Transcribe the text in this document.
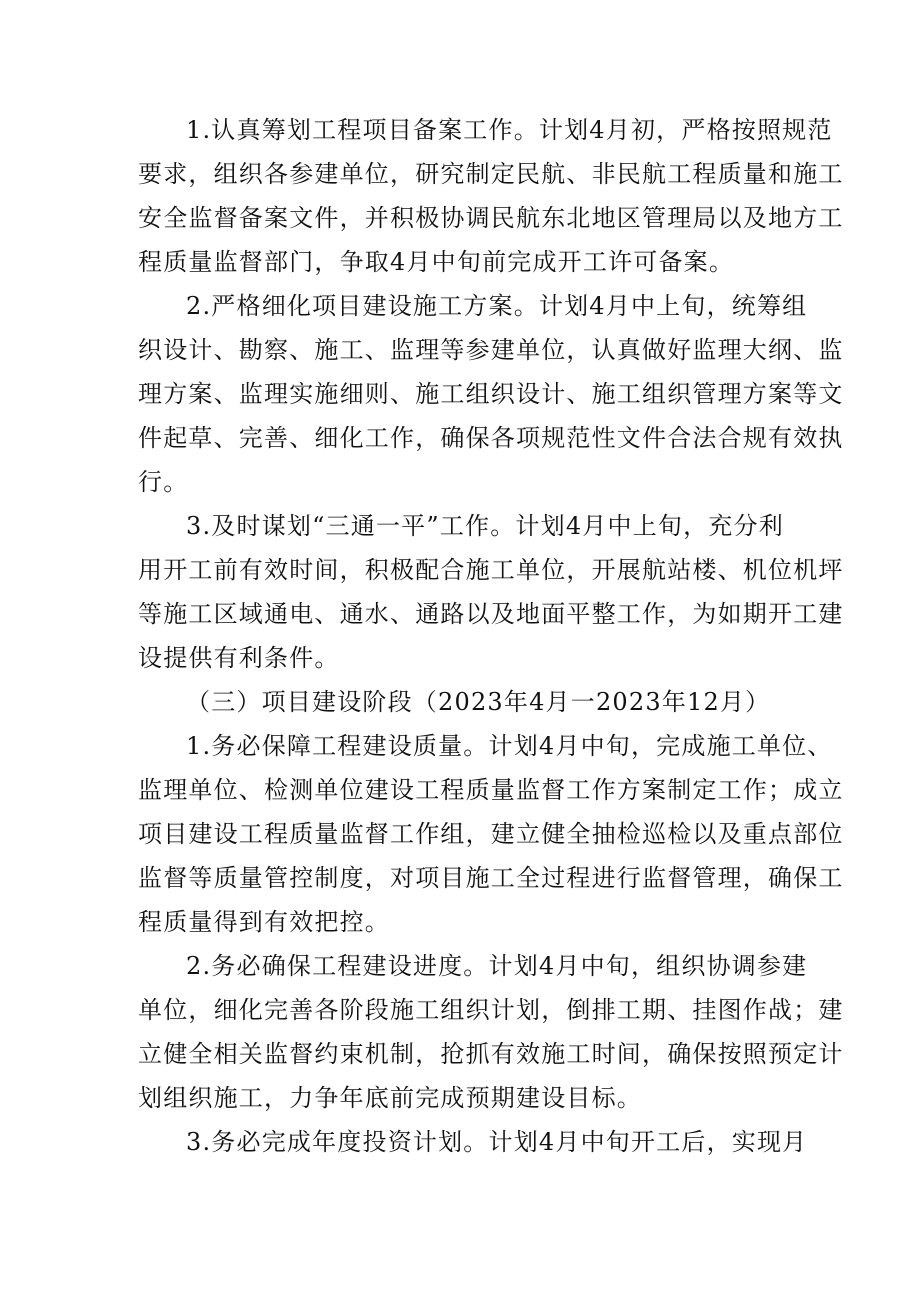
1.认真筹划工程项目备案工作。计划4月初，严格按照规范
要求，组织各参建单位，研究制定民航、非民航工程质量和施工
安全监督备案文件，并积极协调民航东北地区管理局以及地方工
程质量监督部门，争取4月中旬前完成开工许可备案。
2.严格细化项目建设施工方案。计划4月中上旬，统筹组
织设计、勘察、施工、监理等参建单位，认真做好监理大纲、监
理方案、监理实施细则、施工组织设计、施工组织管理方案等文
件起草、完善、细化工作，确保各项规范性文件合法合规有效执
行。
3.及时谋划“三通一平”工作。计划4月中上旬，充分利
用开工前有效时间，积极配合施工单位，开展航站楼、机位机坪
等施工区域通电、通水、通路以及地面平整工作，为如期开工建
设提供有利条件。
（三）项目建设阶段（2023年4月一2023年12月）
1.务必保障工程建设质量。计划4月中旬，完成施工单位、
监理单位、检测单位建设工程质量监督工作方案制定工作；成立
项目建设工程质量监督工作组，建立健全抽检巡检以及重点部位
监督等质量管控制度，对项目施工全过程进行监督管理，确保工
程质量得到有效把控。
2.务必确保工程建设进度。计划4月中旬，组织协调参建
单位，细化完善各阶段施工组织计划，倒排工期、挂图作战；建
立健全相关监督约束机制，抢抓有效施工时间，确保按照预定计
划组织施工，力争年底前完成预期建设目标。
3.务必完成年度投资计划。计划4月中旬开工后，实现月
